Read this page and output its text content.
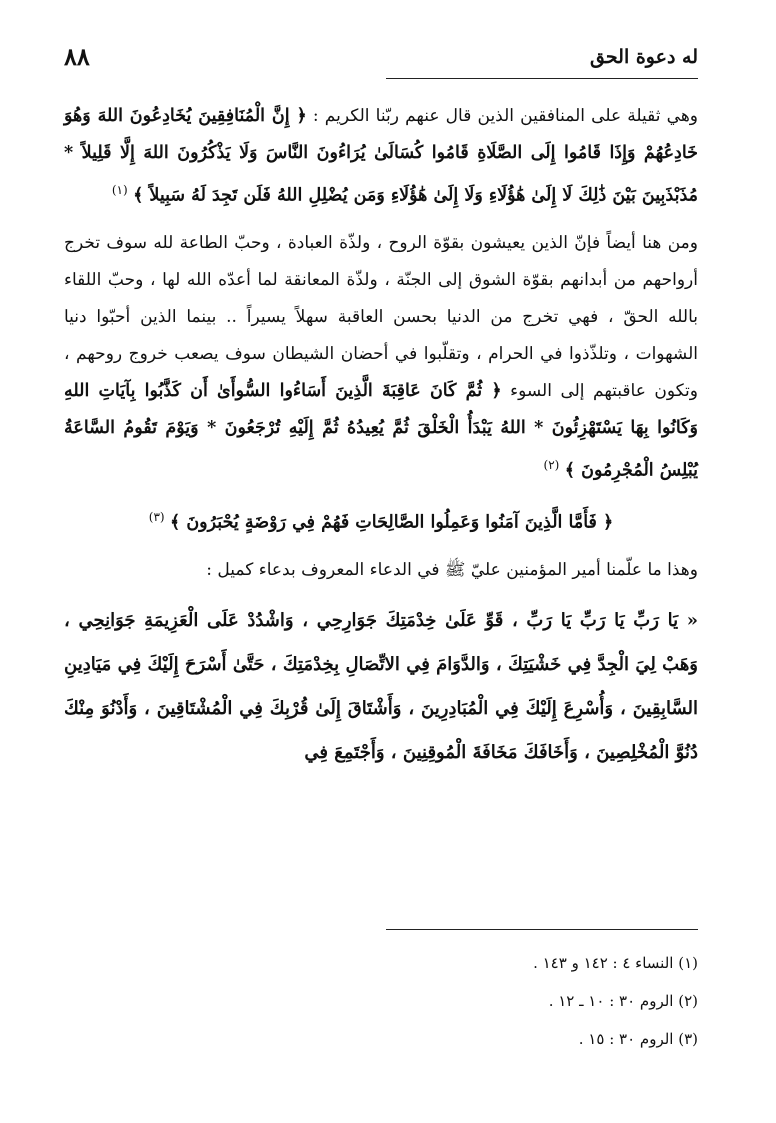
له دعوة الحق
٨٨

وهي ثقيلة على المنافقين الذين قال عنهم ربّنا الكريم : ﴿ إِنَّ الْمُنَافِقِينَ يُخَادِعُونَ اللهَ وَهُوَ خَادِعُهُمْ وَإِذَا قَامُوا إِلَى الصَّلَاةِ قَامُوا كُسَالَىٰ يُرَاءُونَ النَّاسَ وَلَا يَذْكُرُونَ اللهَ إِلَّا قَلِيلاً * مُذَبْذَبِينَ بَيْنَ ذَٰلِكَ لَا إِلَىٰ هَٰؤُلَاءِ وَلَا إِلَىٰ هَٰؤُلَاءِ وَمَن يُضْلِلِ اللهُ فَلَن تَجِدَ لَهُ سَبِيلاً ﴾ $^{(١)}$

ومن هنا أيضاً فإنّ الذين يعيشون بقوّة الروح ، ولذّة العبادة ، وحبّ الطاعة لله سوف تخرج أرواحهم من أبدانهم بقوّة الشوق إلى الجنّة ، ولذّة المعانقة لما أعدّه الله لها ، وحبّ اللقاء بالله الحقّ ، فهي تخرج من الدنيا بحسن العاقبة سهلاً يسيراً .. بينما الذين أحبّوا دنيا الشهوات ، وتلذّذوا في الحرام ، وتقلّبوا في أحضان الشيطان سوف يصعب خروج روحهم ، وتكون عاقبتهم إلى السوء ﴿ ثُمَّ كَانَ عَاقِبَةَ الَّذِينَ أَسَاءُوا السُّوأَىٰ أَن كَذَّبُوا بِآيَاتِ اللهِ وَكَانُوا بِهَا يَسْتَهْزِئُونَ * اللهُ يَبْدَأُ الْخَلْقَ ثُمَّ يُعِيدُهُ ثُمَّ إِلَيْهِ تُرْجَعُونَ * وَيَوْمَ تَقُومُ السَّاعَةُ يُبْلِسُ الْمُجْرِمُونَ ﴾ $^{(٢)}$

﴿ فَأَمَّا الَّذِينَ آمَنُوا وَعَمِلُوا الصَّالِحَاتِ فَهُمْ فِي رَوْضَةٍ يُحْبَرُونَ ﴾ $^{(٣)}$

وهذا ما علّمنا أمير المؤمنين عليّ ﷺ في الدعاء المعروف بدعاء كميل :

« يَا رَبِّ يَا رَبِّ يَا رَبِّ ، قَوِّ عَلَىٰ خِدْمَتِكَ جَوَارِحِي ، وَاشْدُدْ عَلَى الْعَزِيمَةِ جَوَانِحِي ، وَهَبْ لِيَ الْجِدَّ فِي خَشْيَتِكَ ، وَالدَّوَامَ فِي الاتِّصَالِ بِخِدْمَتِكَ ، حَتَّىٰ أَسْرَحَ إِلَيْكَ فِي مَيَادِينِ السَّابِقِينَ ، وَأُسْرِعَ إِلَيْكَ فِي الْمُبَادِرِينَ ، وَأَشْتَاقَ إِلَىٰ قُرْبِكَ فِي الْمُشْتَاقِينَ ، وَأَدْنُوَ مِنْكَ دُنُوَّ الْمُخْلِصِينَ ، وَأَخَافَكَ مَخَافَةَ الْمُوقِنِينَ ، وَأَجْتَمِعَ فِي

(١) النساء ٤ : ١٤٢ و ١٤٣ .

(٢) الروم ٣٠ : ١٠ ـ ١٢ .

(٣) الروم ٣٠ : ١٥ .
